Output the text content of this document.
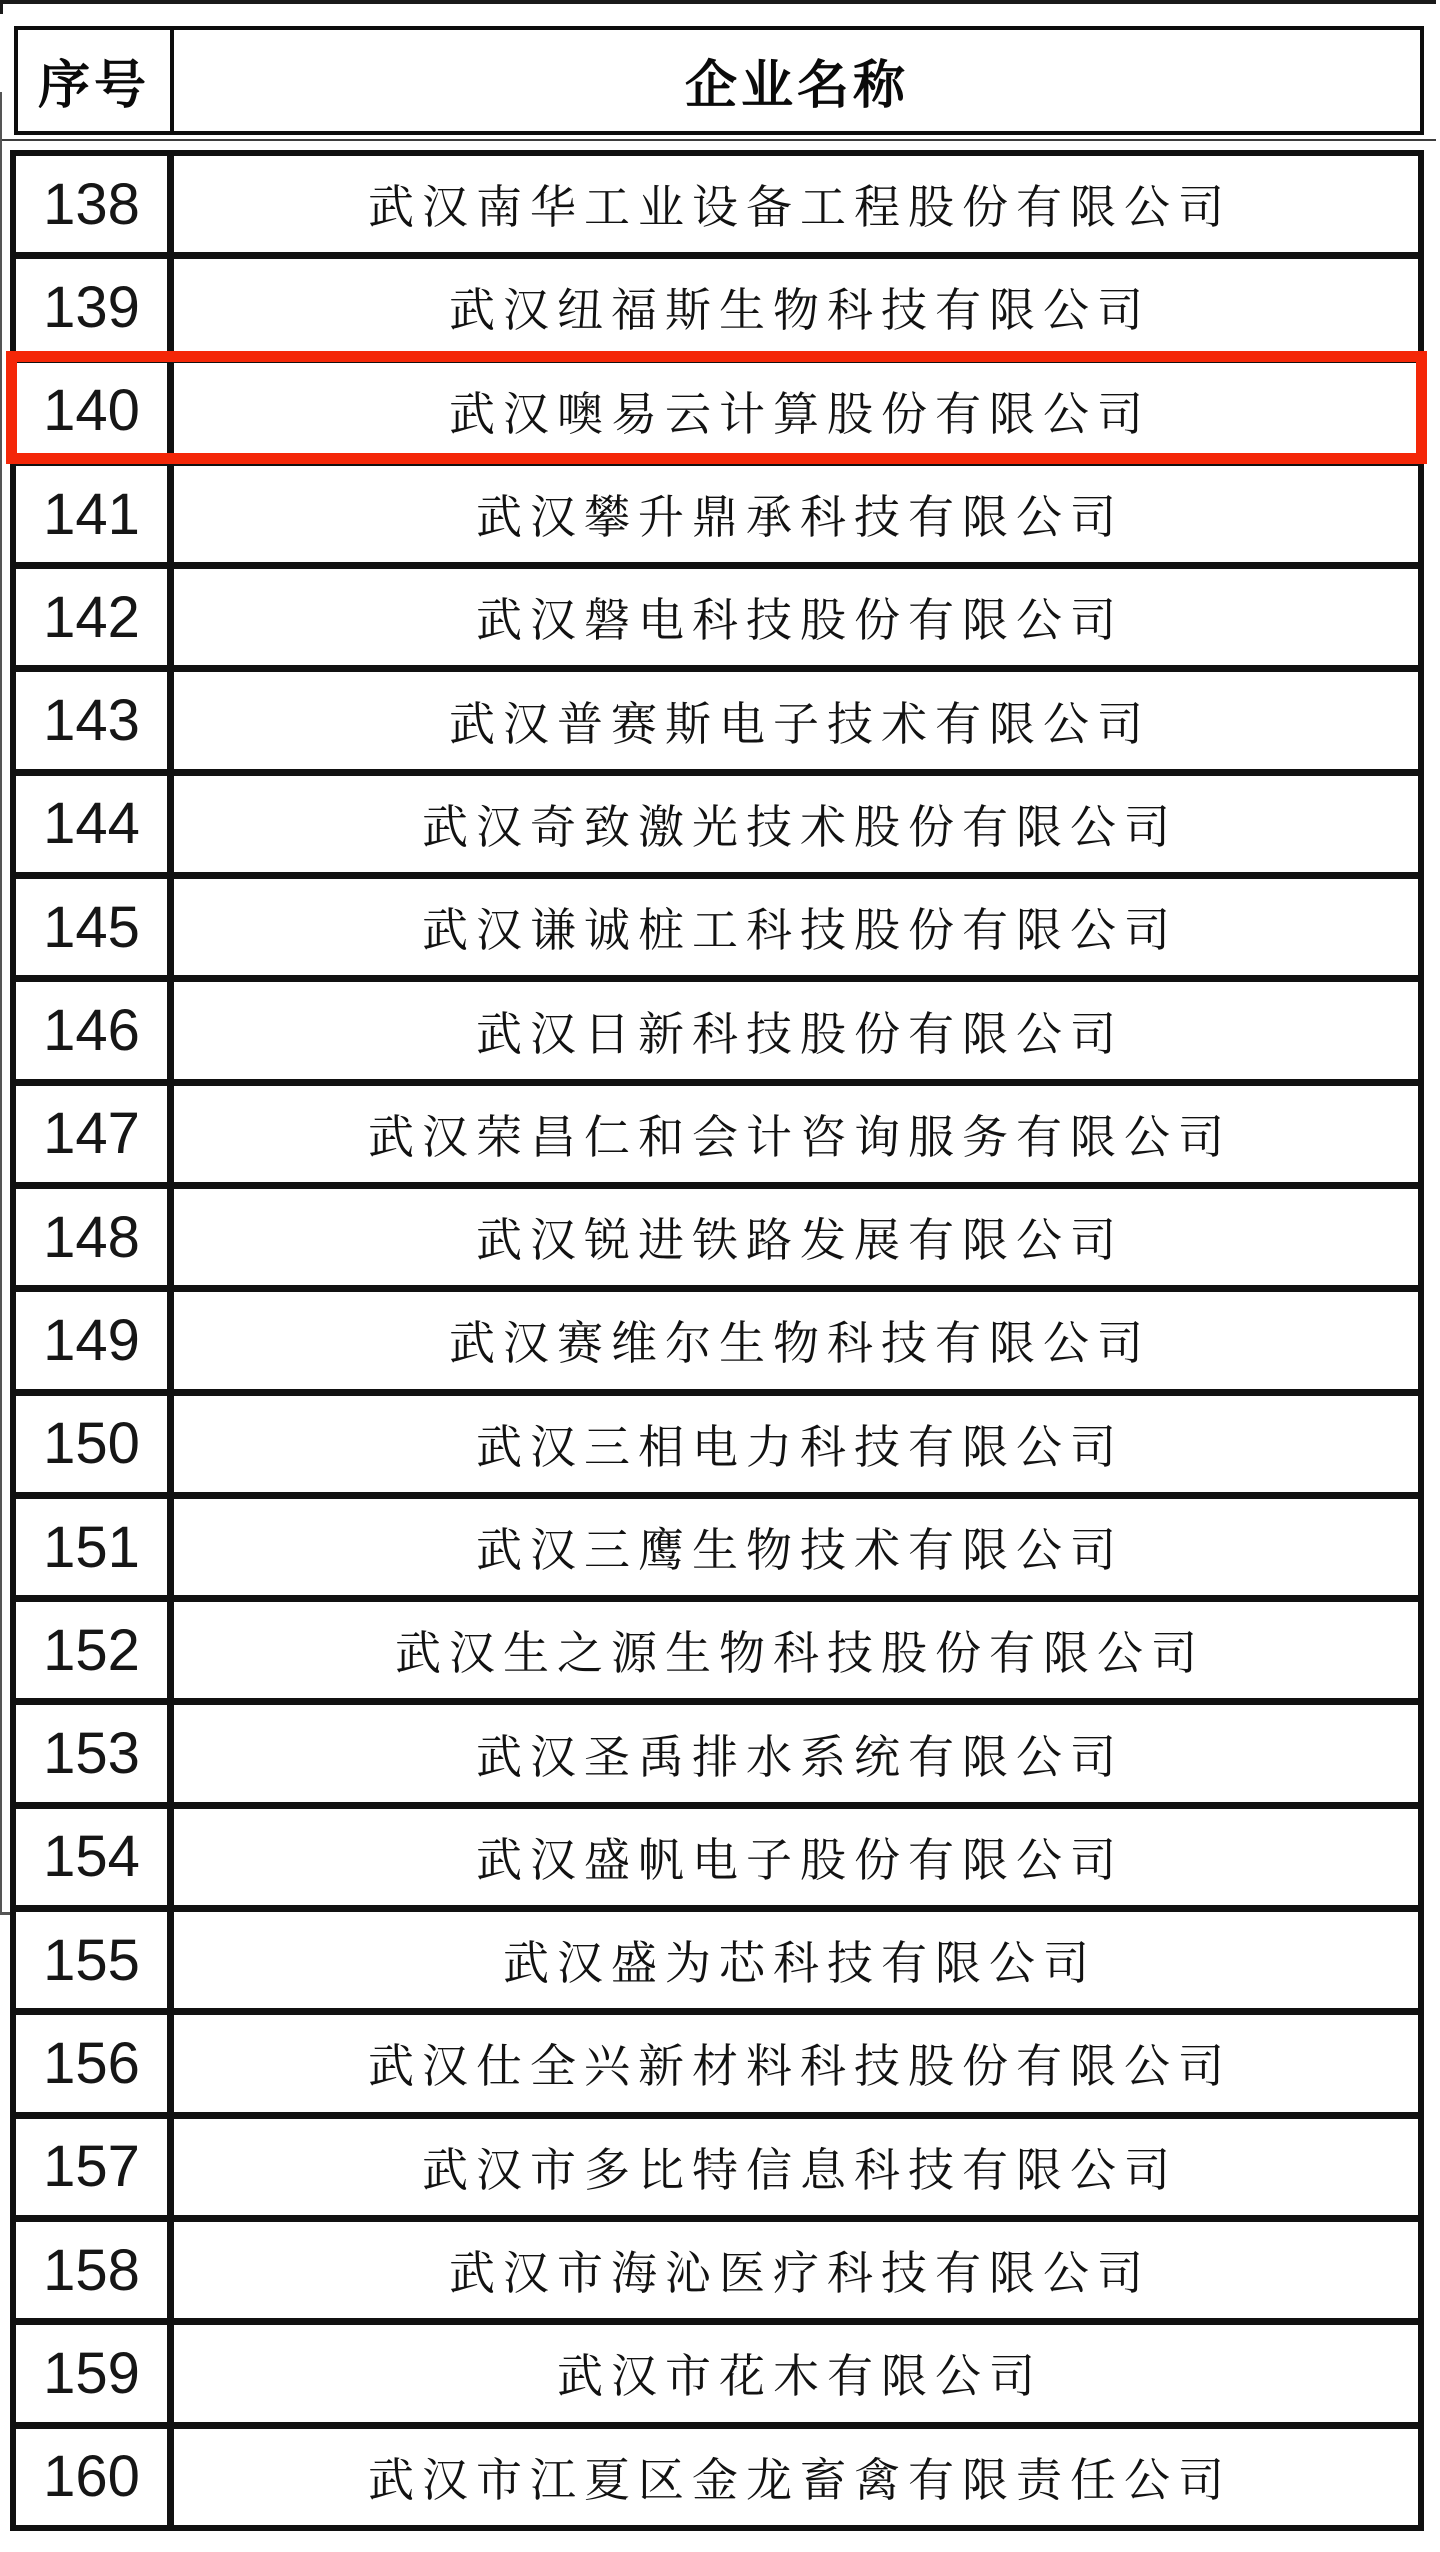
序号	企业名称
138	武汉南华工业设备工程股份有限公司
139	武汉纽福斯生物科技有限公司
140	武汉噢易云计算股份有限公司
141	武汉攀升鼎承科技有限公司
142	武汉磐电科技股份有限公司
143	武汉普赛斯电子技术有限公司
144	武汉奇致激光技术股份有限公司
145	武汉谦诚桩工科技股份有限公司
146	武汉日新科技股份有限公司
147	武汉荣昌仁和会计咨询服务有限公司
148	武汉锐进铁路发展有限公司
149	武汉赛维尔生物科技有限公司
150	武汉三相电力科技有限公司
151	武汉三鹰生物技术有限公司
152	武汉生之源生物科技股份有限公司
153	武汉圣禹排水系统有限公司
154	武汉盛帆电子股份有限公司
155	武汉盛为芯科技有限公司
156	武汉仕全兴新材料科技股份有限公司
157	武汉市多比特信息科技有限公司
158	武汉市海沁医疗科技有限公司
159	武汉市花木有限公司
160	武汉市江夏区金龙畜禽有限责任公司
